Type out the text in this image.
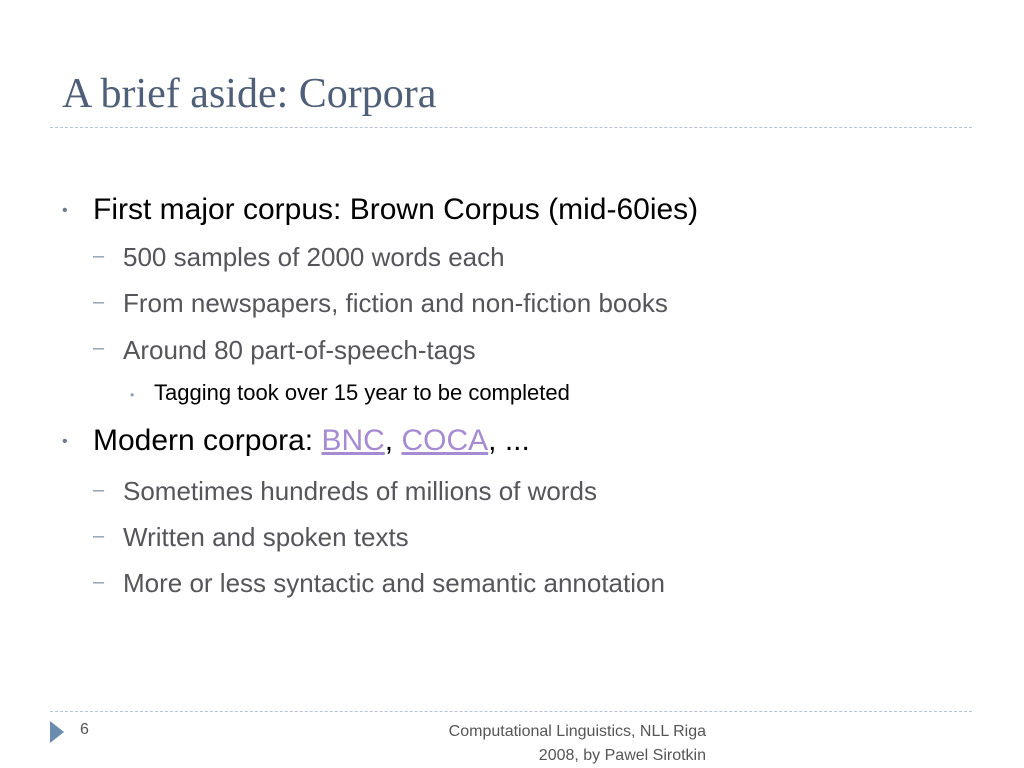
A brief aside: Corpora
• First major corpus: Brown Corpus (mid-60ies)
– 500 samples of 2000 words each
– From newspapers, fiction and non-fiction books
– Around 80 part-of-speech-tags
• Tagging took over 15 year to be completed
• Modern corpora: BNC, COCA, ...
– Sometimes hundreds of millions of words
– Written and spoken texts
– More or less syntactic and semantic annotation
6	Computational Linguistics, NLL Riga
2008, by Pawel Sirotkin
